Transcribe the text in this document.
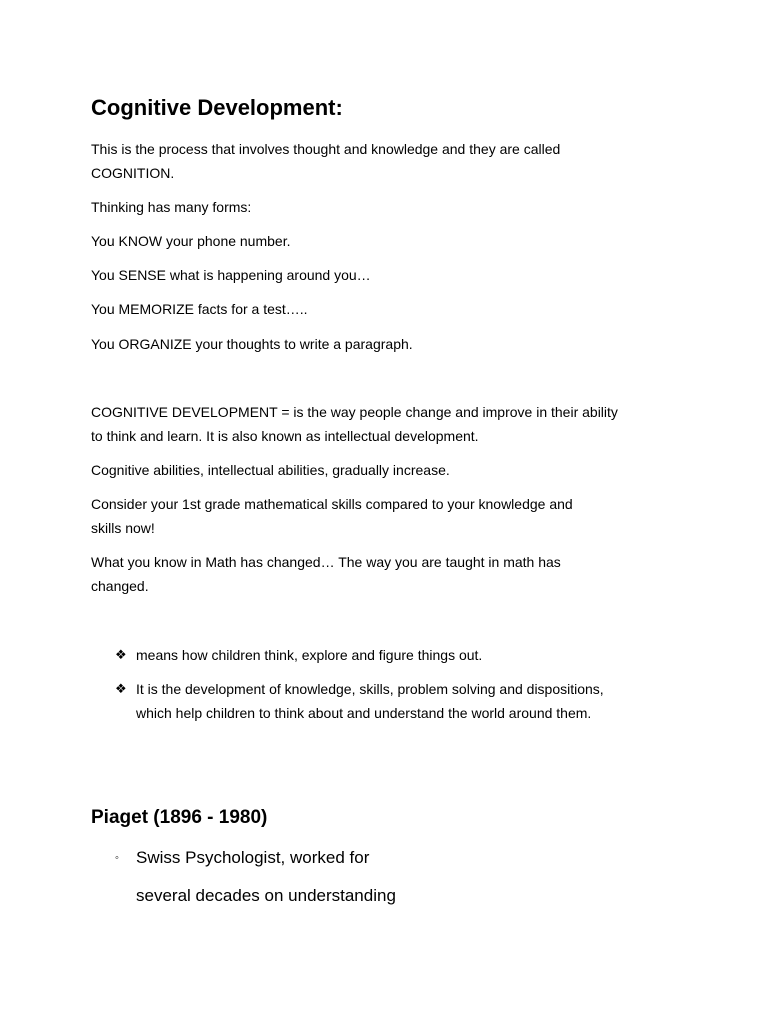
Cognitive Development:

This is the process that involves thought and knowledge and they are called
COGNITION.

Thinking has many forms:

You KNOW your phone number.

You SENSE what is happening around you…

You MEMORIZE facts for a test…..

You ORGANIZE your thoughts to write a paragraph.

COGNITIVE DEVELOPMENT = is the way people change and improve in their ability
to think and learn. It is also known as intellectual development.

Cognitive abilities, intellectual abilities, gradually increase.

Consider your 1st grade mathematical skills compared to your knowledge and
skills now!

What you know in Math has changed… The way you are taught in math has
changed.

❖ means how children think, explore and figure things out.
❖ It is the development of knowledge, skills, problem solving and dispositions,
which help children to think about and understand the world around them.
Piaget (1896 - 1980)
◦ Swiss Psychologist, worked for
several decades on understanding
